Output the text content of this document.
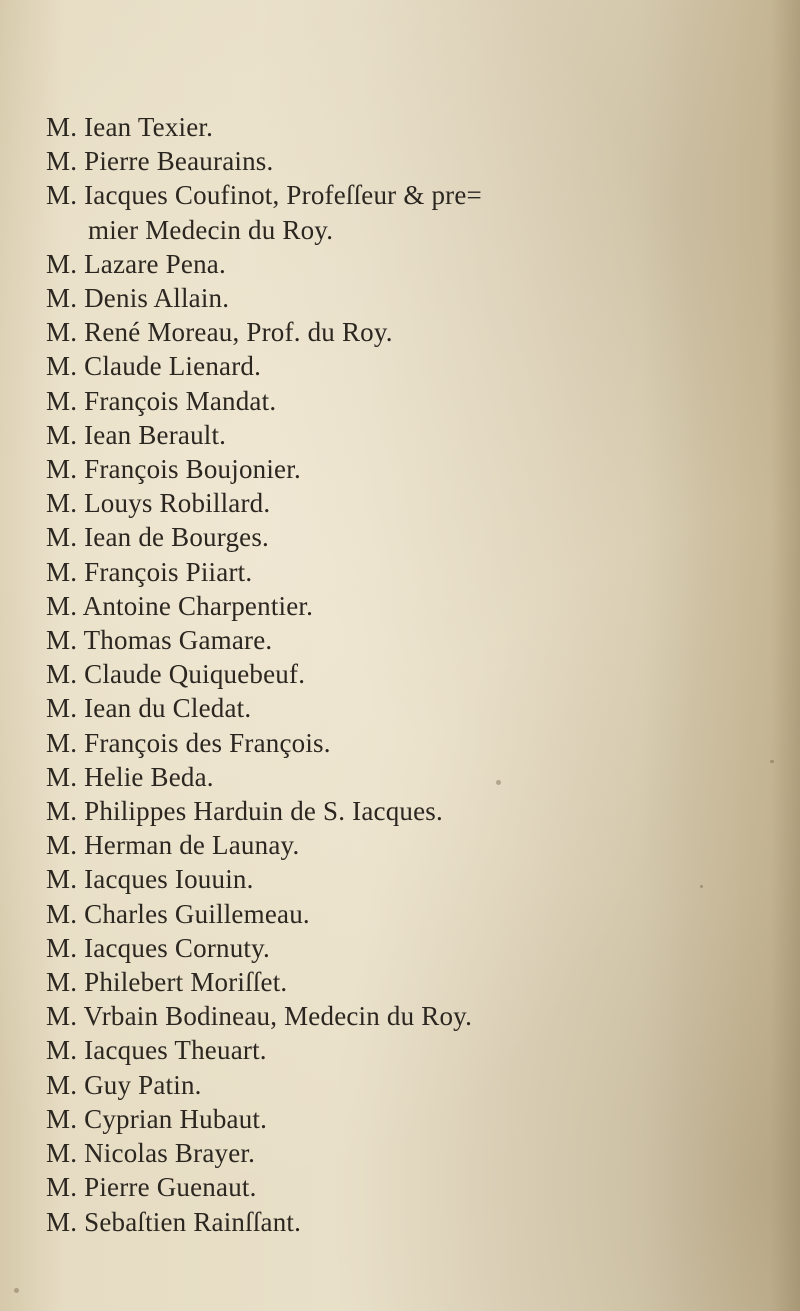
M. Iean Texier.
M. Pierre Beaurains.
M. Iacques Coufinot, Profeſſeur & pre=
mier Medecin du Roy.
M. Lazare Pena.
M. Denis Allain.
M. René Moreau, Prof. du Roy.
M. Claude Lienard.
M. François Mandat.
M. Iean Berault.
M. François Boujonier.
M. Louys Robillard.
M. Iean de Bourges.
M. François Piiart.
M. Antoine Charpentier.
M. Thomas Gamare.
M. Claude Quiquebeuf.
M. Iean du Cledat.
M. François des François.
M. Helie Beda.
M. Philippes Harduin de S. Iacques.
M. Herman de Launay.
M. Iacques Iouuin.
M. Charles Guillemeau.
M. Iacques Cornuty.
M. Philebert Moriſſet.
M. Vrbain Bodineau, Medecin du Roy.
M. Iacques Theuart.
M. Guy Patin.
M. Cyprian Hubaut.
M. Nicolas Brayer.
M. Pierre Guenaut.
M. Sebaſtien Rainſſant.
